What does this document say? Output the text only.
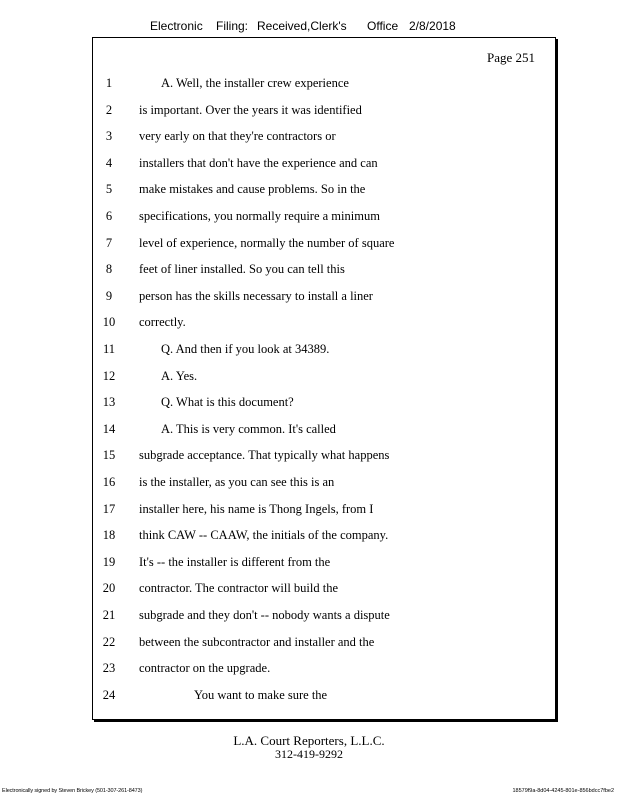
Electronic Filing: Received,Clerk's Office 2/8/2018
Page 251
1	A. Well, the installer crew experience
2	is important. Over the years it was identified
3	very early on that they're contractors or
4	installers that don't have the experience and can
5	make mistakes and cause problems. So in the
6	specifications, you normally require a minimum
7	level of experience, normally the number of square
8	feet of liner installed. So you can tell this
9	person has the skills necessary to install a liner
10	correctly.
11	Q. And then if you look at 34389.
12	A. Yes.
13	Q. What is this document?
14	A. This is very common. It's called
15	subgrade acceptance. That typically what happens
16	is the installer, as you can see this is an
17	installer here, his name is Thong Ingels, from I
18	think CAW -- CAAW, the initials of the company.
19	It's -- the installer is different from the
20	contractor. The contractor will build the
21	subgrade and they don't -- nobody wants a dispute
22	between the subcontractor and installer and the
23	contractor on the upgrade.
24	You want to make sure the
L.A. Court Reporters, L.L.C.
312-419-9292
Electronically signed by Steven Brickey (501-307-261-8473)	18579f9a-8d04-4245-801e-856bdcc7fbe2
